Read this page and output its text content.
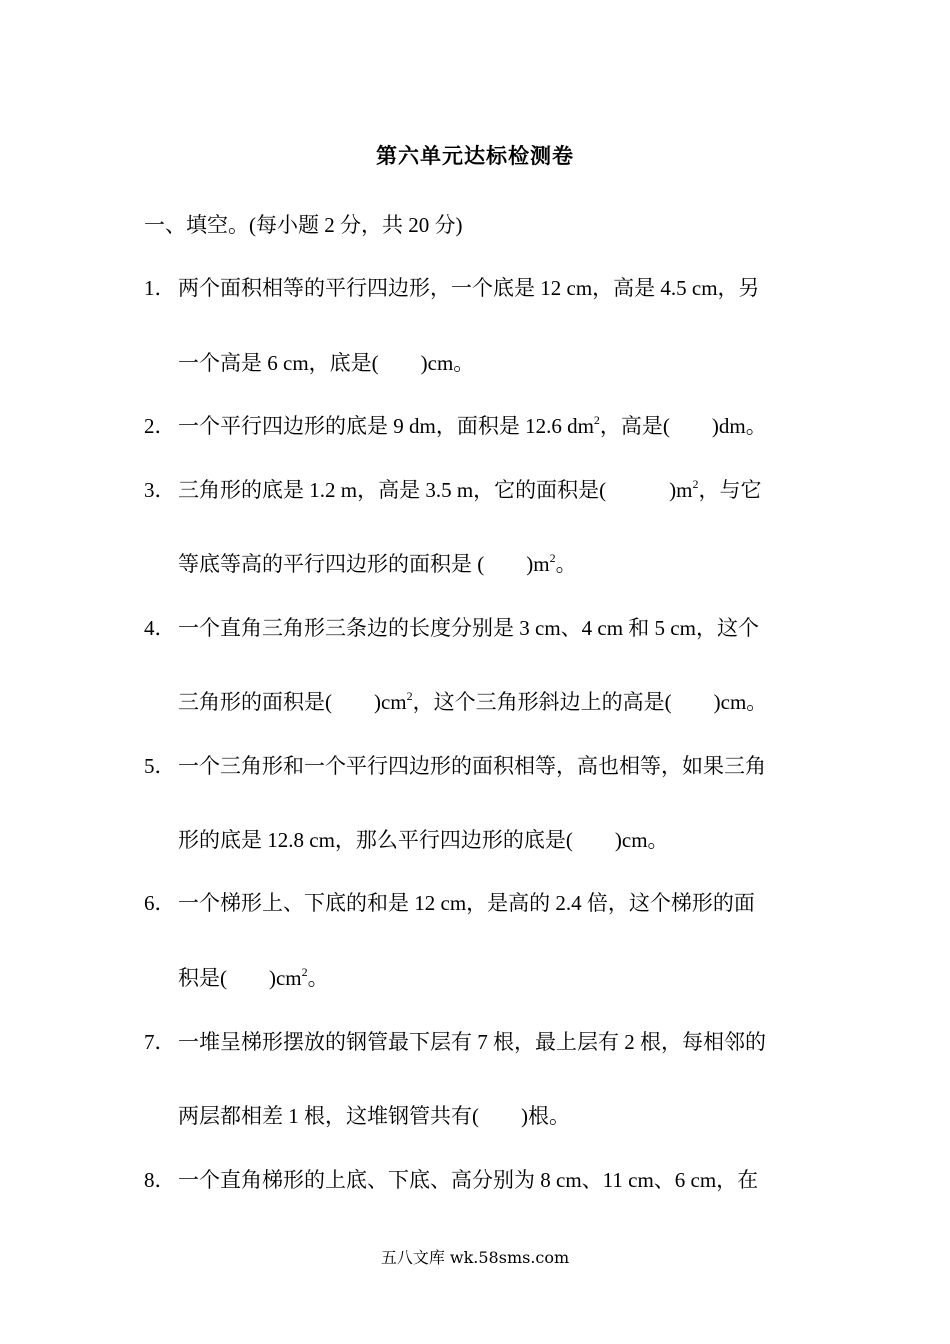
第六单元达标检测卷
一、填空。(每小题 2 分，共 20 分)
1． 两个面积相等的平行四边形，一个底是 12 cm，高是 4.5 cm，另
一个高是 6 cm，底是(　　)cm。
2． 一个平行四边形的底是 9 dm，面积是 12.6 $dm^2$，高是(　　)dm。
3． 三角形的底是 1.2 m，高是 3.5 m，它的面积是(　　　)$m^2$，与它
等底等高的平行四边形的面积是 (　　)$m^2$。
4． 一个直角三角形三条边的长度分别是 3 cm、4 cm 和 5 cm，这个
三角形的面积是(　　)$cm^2$，这个三角形斜边上的高是(　　)cm。
5． 一个三角形和一个平行四边形的面积相等，高也相等，如果三角
形的底是 12.8 cm，那么平行四边形的底是(　　)cm。
6． 一个梯形上、下底的和是 12 cm，是高的 2.4 倍，这个梯形的面
积是(　　)$cm^2$。
7． 一堆呈梯形摆放的钢管最下层有 7 根，最上层有 2 根，每相邻的
两层都相差 1 根，这堆钢管共有(　　)根。
8． 一个直角梯形的上底、下底、高分别为 8 cm、11 cm、6 cm，在
五八文库 wk.58sms.com
